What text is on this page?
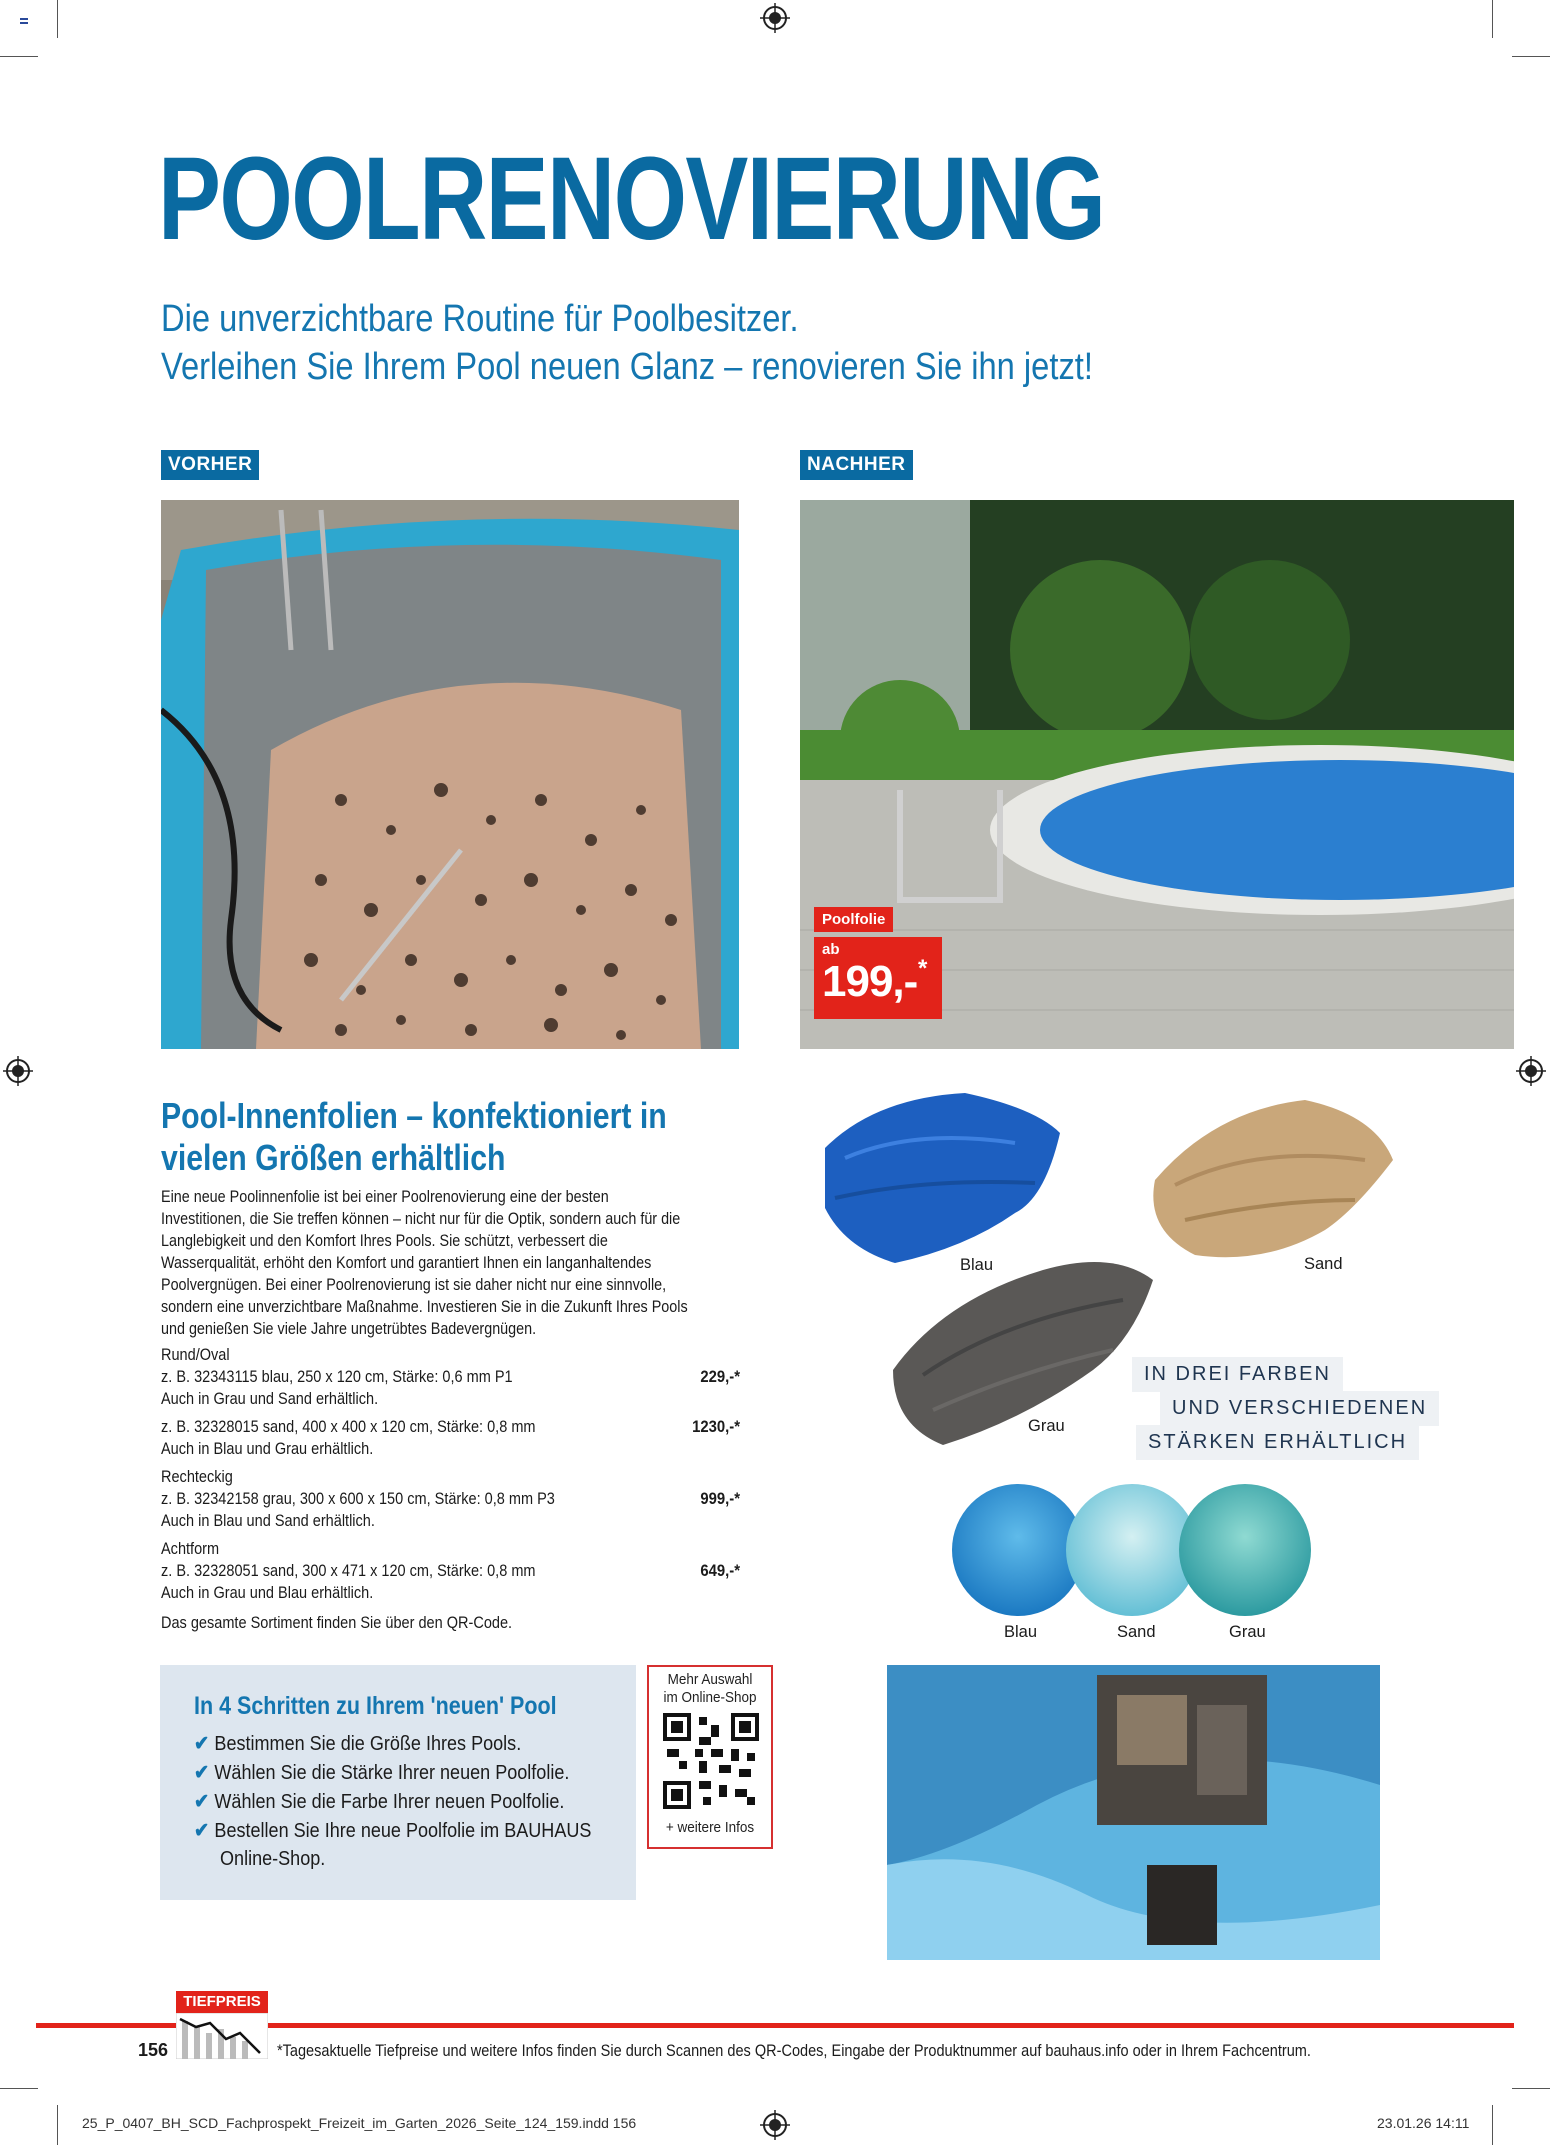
POOLRENOVIERUNG
Die unverzichtbare Routine für Poolbesitzer.
Verleihen Sie Ihrem Pool neuen Glanz – renovieren Sie ihn jetzt!
VORHER	NACHHER
Poolfolie
ab
199,- *
Pool-Innenfolien – konfektioniert in
vielen Größen erhältlich
Eine neue Poolinnenfolie ist bei einer Poolrenovierung eine der besten Investitionen, die Sie treffen können – nicht nur für die Optik, sondern auch für die Langlebigkeit und den Komfort Ihres Pools. Sie schützt, verbessert die Wasserqualität, erhöht den Komfort und garantiert Ihnen ein langanhaltendes Poolvergnügen. Bei einer Poolrenovierung ist sie daher nicht nur eine sinnvolle, sondern eine unverzichtbare Maßnahme. Investieren Sie in die Zukunft Ihres Pools und genießen Sie viele Jahre ungetrübtes Badevergnügen.
Rund/Oval
z. B. 32343115 blau, 250 x 120 cm, Stärke: 0,6 mm P1	229,-*
Auch in Grau und Sand erhältlich.
z. B. 32328015 sand, 400 x 400 x 120 cm, Stärke: 0,8 mm	1230,-*
Auch in Blau und Grau erhältlich.
Rechteckig
z. B. 32342158 grau, 300 x 600 x 150 cm, Stärke: 0,8 mm P3	999,-*
Auch in Blau und Sand erhältlich.
Achtform
z. B. 32328051 sand, 300 x 471 x 120 cm, Stärke: 0,8 mm	649,-*
Auch in Grau und Blau erhältlich.
Das gesamte Sortiment finden Sie über den QR-Code.
Blau	Sand
Grau
IN DREI FARBEN
UND VERSCHIEDENEN
STÄRKEN ERHÄLTLICH
Blau	Sand	Grau
In 4 Schritten zu Ihrem 'neuen' Pool
✔ Bestimmen Sie die Größe Ihres Pools.
✔ Wählen Sie die Stärke Ihrer neuen Poolfolie.
✔ Wählen Sie die Farbe Ihrer neuen Poolfolie.
✔ Bestellen Sie Ihre neue Poolfolie im BAUHAUS
Online-Shop.
Mehr Auswahl
im Online-Shop
+ weitere Infos
TIEFPREIS
156	*Tagesaktuelle Tiefpreise und weitere Infos finden Sie durch Scannen des QR-Codes, Eingabe der Produktnummer auf bauhaus.info oder in Ihrem Fachcentrum.
25_P_0407_BH_SCD_Fachprospekt_Freizeit_im_Garten_2026_Seite_124_159.indd 156	23.01.26 14:11
